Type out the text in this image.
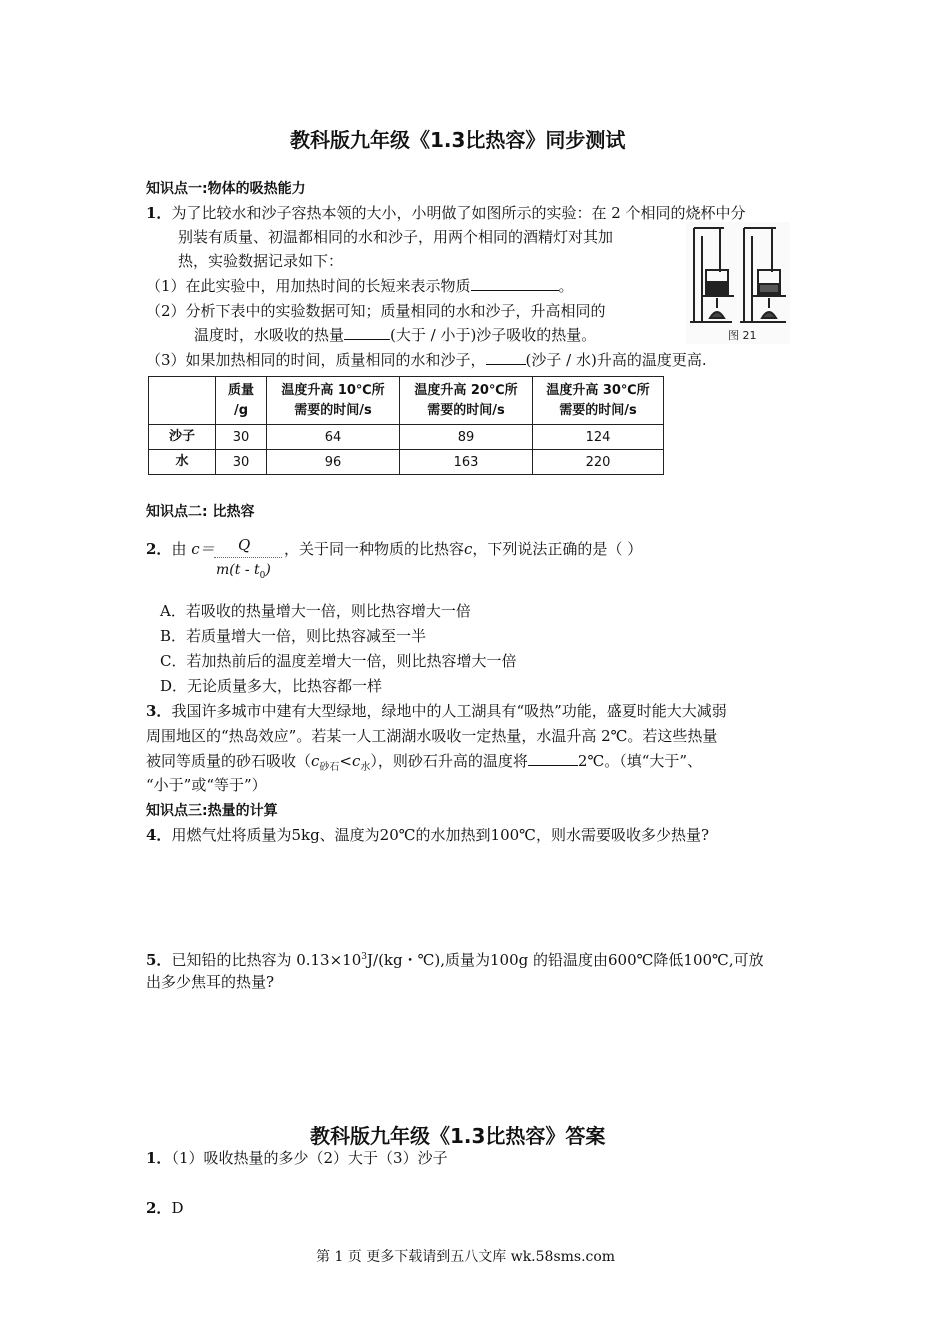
教科版九年级《1.3比热容》同步测试
知识点一:物体的吸热能力
1．为了比较水和沙子容热本领的大小，小明做了如图所示的实验：在 2 个相同的烧杯中分
别装有质量、初温都相同的水和沙子，用两个相同的酒精灯对其加
热，实验数据记录如下：
（1）在此实验中，用加热时间的长短来表示物质	。
（2）分析下表中的实验数据可知；质量相同的水和沙子，升高相同的
温度时，水吸收的热量	(大于 / 小于)沙子吸收的热量。
（3）如果加热相同的时间，质量相同的水和沙子，	(沙子 / 水)升高的温度更高.
图 21
	质量
/g	温度升高 10℃所
需要的时间/s	温度升高 20℃所
需要的时间/s	温度升高 30℃所
需要的时间/s
沙子	30	64	89	124
水	30	96	163	220
知识点二: 比热容
2．由 c＝ Q
$m(t - t_0)$
，关于同一种物质的比热容c，下列说法正确的是（ ）
A．若吸收的热量增大一倍，则比热容增大一倍
B．若质量增大一倍，则比热容减至一半
C．若加热前后的温度差增大一倍，则比热容增大一倍
D．无论质量多大，比热容都一样
3．我国许多城市中建有大型绿地，绿地中的人工湖具有“吸热”功能，盛夏时能大大减弱
周围地区的“热岛效应”。若某一人工湖湖水吸收一定热量，水温升高 2℃。若这些热量
被同等质量的砂石吸收$(c_{砂石}<c_水)$，则砂石升高的温度将	2℃。（填“大于”、
“小于”或“等于”）
知识点三:热量的计算
4．用燃气灶将质量为5kg、温度为20℃的水加热到100℃，则水需要吸收多少热量?
5．已知铅的比热容为 $0.13\times 10^3J/(kg$・℃),质量为100g 的铅温度由600℃降低100℃,可放
出多少焦耳的热量?
教科版九年级《1.3比热容》答案
1．（1）吸收热量的多少（2）大于（3）沙子
2．D
第 1 页 更多下载请到五八文库 wk.58sms.com
